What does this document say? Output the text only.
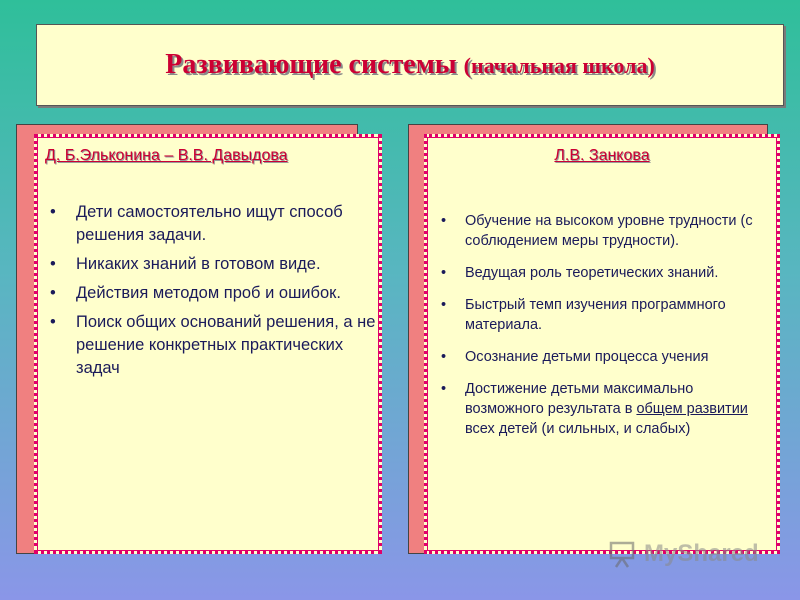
Развивающие системы (начальная школа)
Д. Б.Эльконина – В.В. Давыдова
• Дети самостоятельно ищут способ решения задачи.
• Никаких знаний в готовом виде.
• Действия методом проб и ошибок.
• Поиск общих оснований решения, а не решение конкретных практических задач
Л.В. Занкова
• Обучение на высоком уровне трудности (с соблюдением меры трудности).
• Ведущая роль теоретических знаний.
• Быстрый темп изучения программного материала.
• Осознание детьми процесса учения
• Достижение детьми максимально возможного результата в общем развитии всех детей (и сильных, и слабых)
MyShared
